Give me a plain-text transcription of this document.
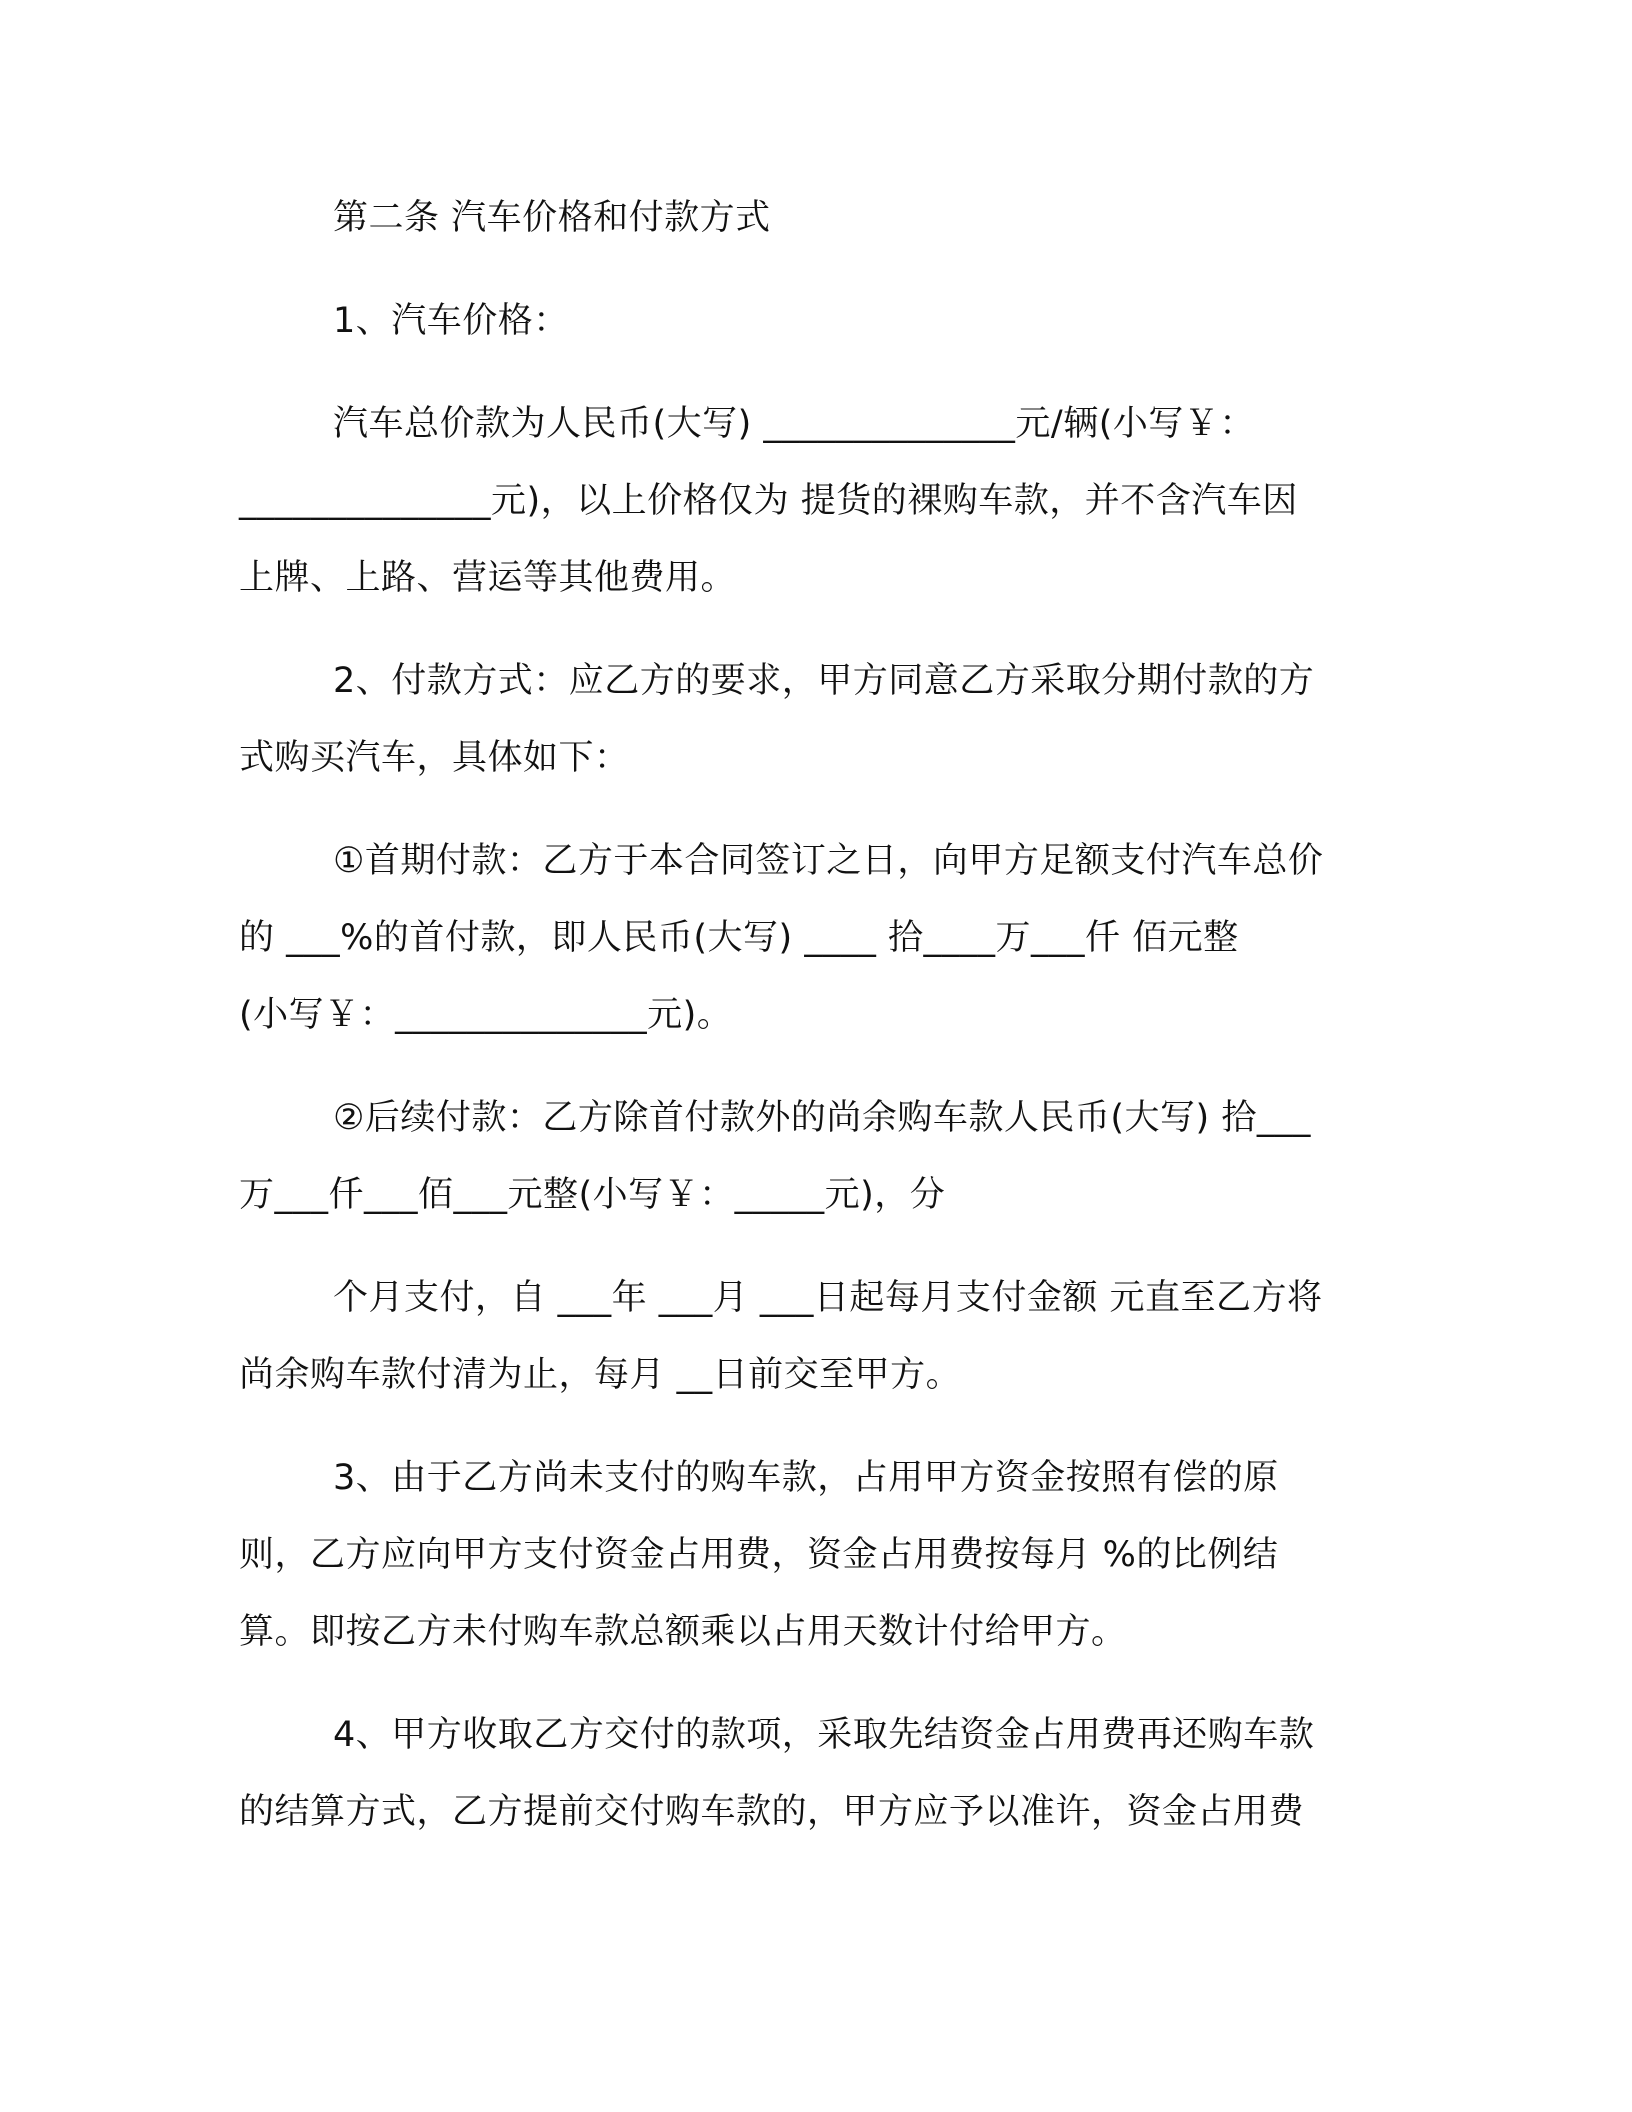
第二条 汽车价格和付款方式
1、汽车价格：
汽车总价款为人民币(大写) ______________元/辆(小写￥：
______________元)，以上价格仅为 提货的裸购车款，并不含汽车因
上牌、上路、营运等其他费用。
2、付款方式：应乙方的要求，甲方同意乙方采取分期付款的方
式购买汽车，具体如下：
①首期付款：乙方于本合同签订之日，向甲方足额支付汽车总价
的 ___%的首付款，即人民币(大写) ____ 拾____万___仟 佰元整
(小写￥：______________元)。
②后续付款：乙方除首付款外的尚余购车款人民币(大写) 拾___
万___仟___佰___元整(小写￥：_____元)，分
个月支付，自 ___年 ___月 ___日起每月支付金额 元直至乙方将
尚余购车款付清为止，每月 __日前交至甲方。
3、由于乙方尚未支付的购车款，占用甲方资金按照有偿的原
则，乙方应向甲方支付资金占用费，资金占用费按每月 %的比例结
算。即按乙方未付购车款总额乘以占用天数计付给甲方。
4、甲方收取乙方交付的款项，采取先结资金占用费再还购车款
的结算方式，乙方提前交付购车款的，甲方应予以准许，资金占用费
